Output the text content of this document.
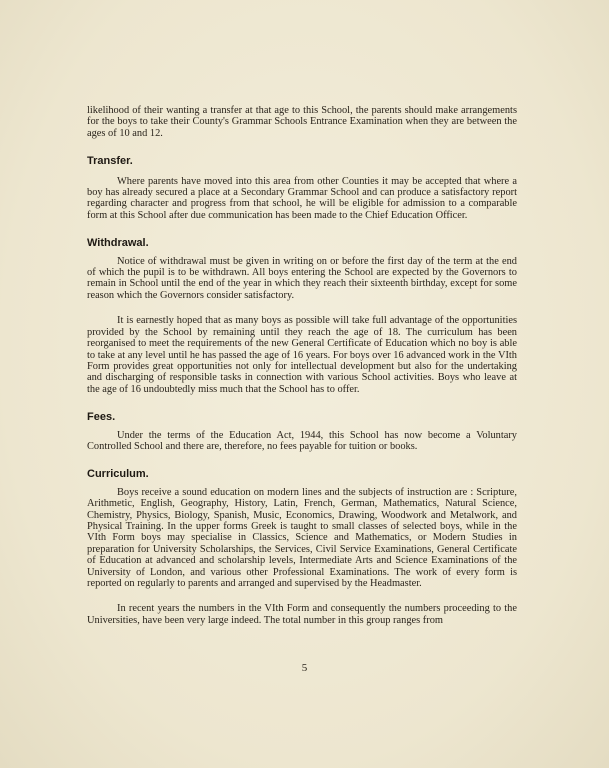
likelihood of their wanting a transfer at that age to this School, the parents should make arrangements for the boys to take their County's Grammar Schools Entrance Examination when they are between the ages of 10 and 12.

Transfer.

Where parents have moved into this area from other Counties it may be accepted that where a boy has already secured a place at a Secondary Grammar School and can produce a satisfactory report regarding character and progress from that school, he will be eligible for admission to a comparable form at this School after due communication has been made to the Chief Education Officer.

Withdrawal.

Notice of withdrawal must be given in writing on or before the first day of the term at the end of which the pupil is to be withdrawn. All boys entering the School are expected by the Governors to remain in School until the end of the year in which they reach their sixteenth birthday, except for some reason which the Governors consider satisfactory.

It is earnestly hoped that as many boys as possible will take full advantage of the opportunities provided by the School by remaining until they reach the age of 18. The curriculum has been reorganised to meet the requirements of the new General Certificate of Education which no boy is able to take at any level until he has passed the age of 16 years. For boys over 16 advanced work in the VIth Form provides great opportunities not only for intellectual development but also for the undertaking and discharging of responsible tasks in connection with various School activities. Boys who leave at the age of 16 undoubtedly miss much that the School has to offer.

Fees.

Under the terms of the Education Act, 1944, this School has now become a Voluntary Controlled School and there are, therefore, no fees payable for tuition or books.

Curriculum.

Boys receive a sound education on modern lines and the subjects of instruction are : Scripture, Arithmetic, English, Geography, History, Latin, French, German, Mathematics, Natural Science, Chemistry, Physics, Biology, Spanish, Music, Economics, Drawing, Woodwork and Metalwork, and Physical Training. In the upper forms Greek is taught to small classes of selected boys, while in the VIth Form boys may specialise in Classics, Science and Mathematics, or Modern Studies in preparation for University Scholarships, the Services, Civil Service Examinations, General Certificate of Education at advanced and scholarship levels, Intermediate Arts and Science Examinations of the University of London, and various other Professional Examinations. The work of every form is reported on regularly to parents and arranged and supervised by the Headmaster.

In recent years the numbers in the VIth Form and consequently the numbers proceeding to the Universities, have been very large indeed. The total number in this group ranges from

5
